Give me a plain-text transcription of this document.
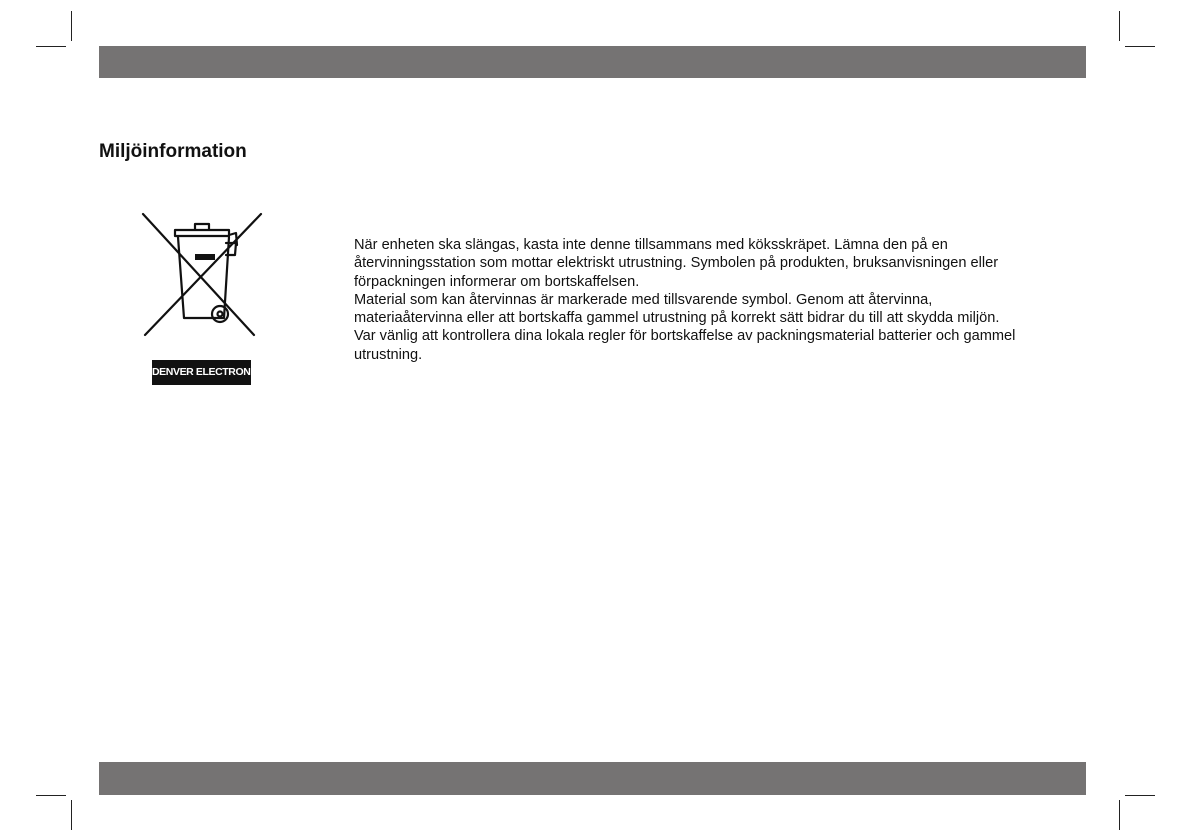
Miljöinformation
DENVER ELECTRONICS

När enheten ska slängas, kasta inte denne tillsammans med köksskräpet. Lämna den på en

återvinningsstation som mottar elektriskt utrustning. Symbolen på produkten, bruksanvisningen eller

förpackningen informerar om bortskaffelsen.

Material som kan återvinnas är markerade med tillsvarende symbol. Genom att återvinna,

materiaåtervinna eller att bortskaffa gammel utrustning på korrekt sätt bidrar du till att skydda miljön.

Var vänlig att kontrollera dina lokala regler för bortskaffelse av packningsmaterial batterier och gammel

utrustning.
